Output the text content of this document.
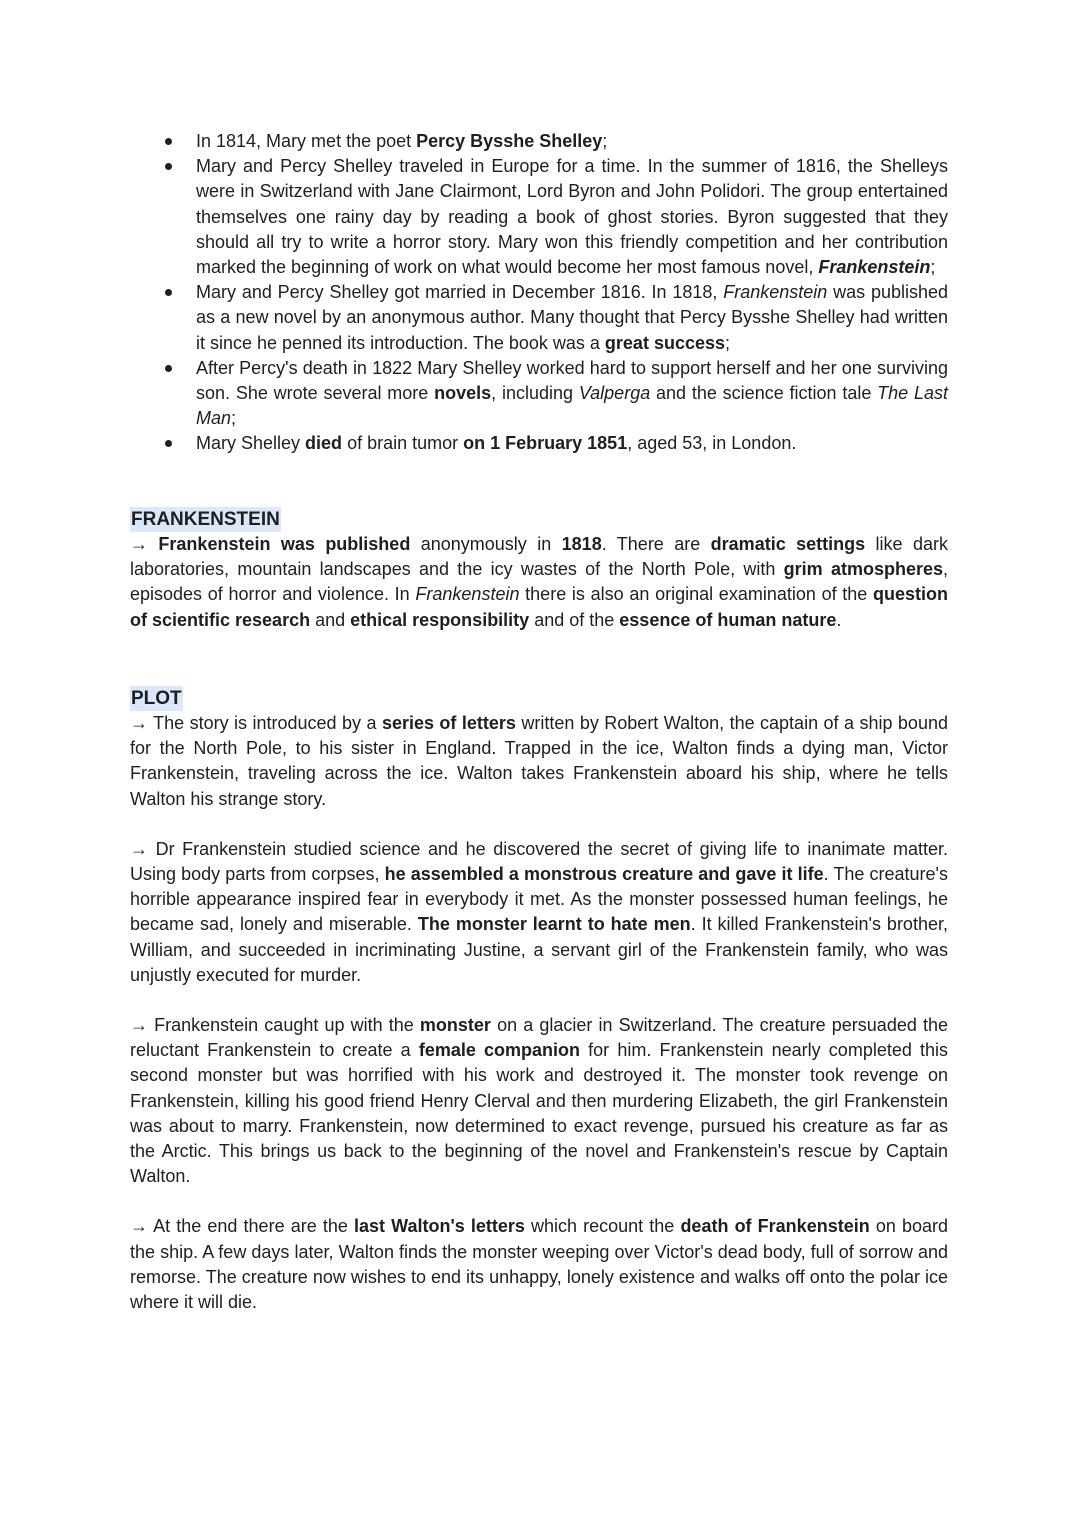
In 1814, Mary met the poet Percy Bysshe Shelley;
Mary and Percy Shelley traveled in Europe for a time. In the summer of 1816, the Shelleys were in Switzerland with Jane Clairmont, Lord Byron and John Polidori. The group entertained themselves one rainy day by reading a book of ghost stories. Byron suggested that they should all try to write a horror story. Mary won this friendly competition and her contribution marked the beginning of work on what would become her most famous novel, Frankenstein;
Mary and Percy Shelley got married in December 1816. In 1818, Frankenstein was published as a new novel by an anonymous author. Many thought that Percy Bysshe Shelley had written it since he penned its introduction. The book was a great success;
After Percy's death in 1822 Mary Shelley worked hard to support herself and her one surviving son. She wrote several more novels, including Valperga and the science fiction tale The Last Man;
Mary Shelley died of brain tumor on 1 February 1851, aged 53, in London.
FRANKENSTEIN

→ Frankenstein was published anonymously in 1818. There are dramatic settings like dark laboratories, mountain landscapes and the icy wastes of the North Pole, with grim atmospheres, episodes of horror and violence. In Frankenstein there is also an original examination of the question of scientific research and ethical responsibility and of the essence of human nature.

PLOT

→ The story is introduced by a series of letters written by Robert Walton, the captain of a ship bound for the North Pole, to his sister in England. Trapped in the ice, Walton finds a dying man, Victor Frankenstein, traveling across the ice. Walton takes Frankenstein aboard his ship, where he tells Walton his strange story.

→ Dr Frankenstein studied science and he discovered the secret of giving life to inanimate matter. Using body parts from corpses, he assembled a monstrous creature and gave it life. The creature's horrible appearance inspired fear in everybody it met. As the monster possessed human feelings, he became sad, lonely and miserable. The monster learnt to hate men. It killed Frankenstein's brother, William, and succeeded in incriminating Justine, a servant girl of the Frankenstein family, who was unjustly executed for murder.

→ Frankenstein caught up with the monster on a glacier in Switzerland. The creature persuaded the reluctant Frankenstein to create a female companion for him. Frankenstein nearly completed this second monster but was horrified with his work and destroyed it. The monster took revenge on Frankenstein, killing his good friend Henry Clerval and then murdering Elizabeth, the girl Frankenstein was about to marry. Frankenstein, now determined to exact revenge, pursued his creature as far as the Arctic. This brings us back to the beginning of the novel and Frankenstein's rescue by Captain Walton.

→ At the end there are the last Walton's letters which recount the death of Frankenstein on board the ship. A few days later, Walton finds the monster weeping over Victor's dead body, full of sorrow and remorse. The creature now wishes to end its unhappy, lonely existence and walks off onto the polar ice where it will die.
